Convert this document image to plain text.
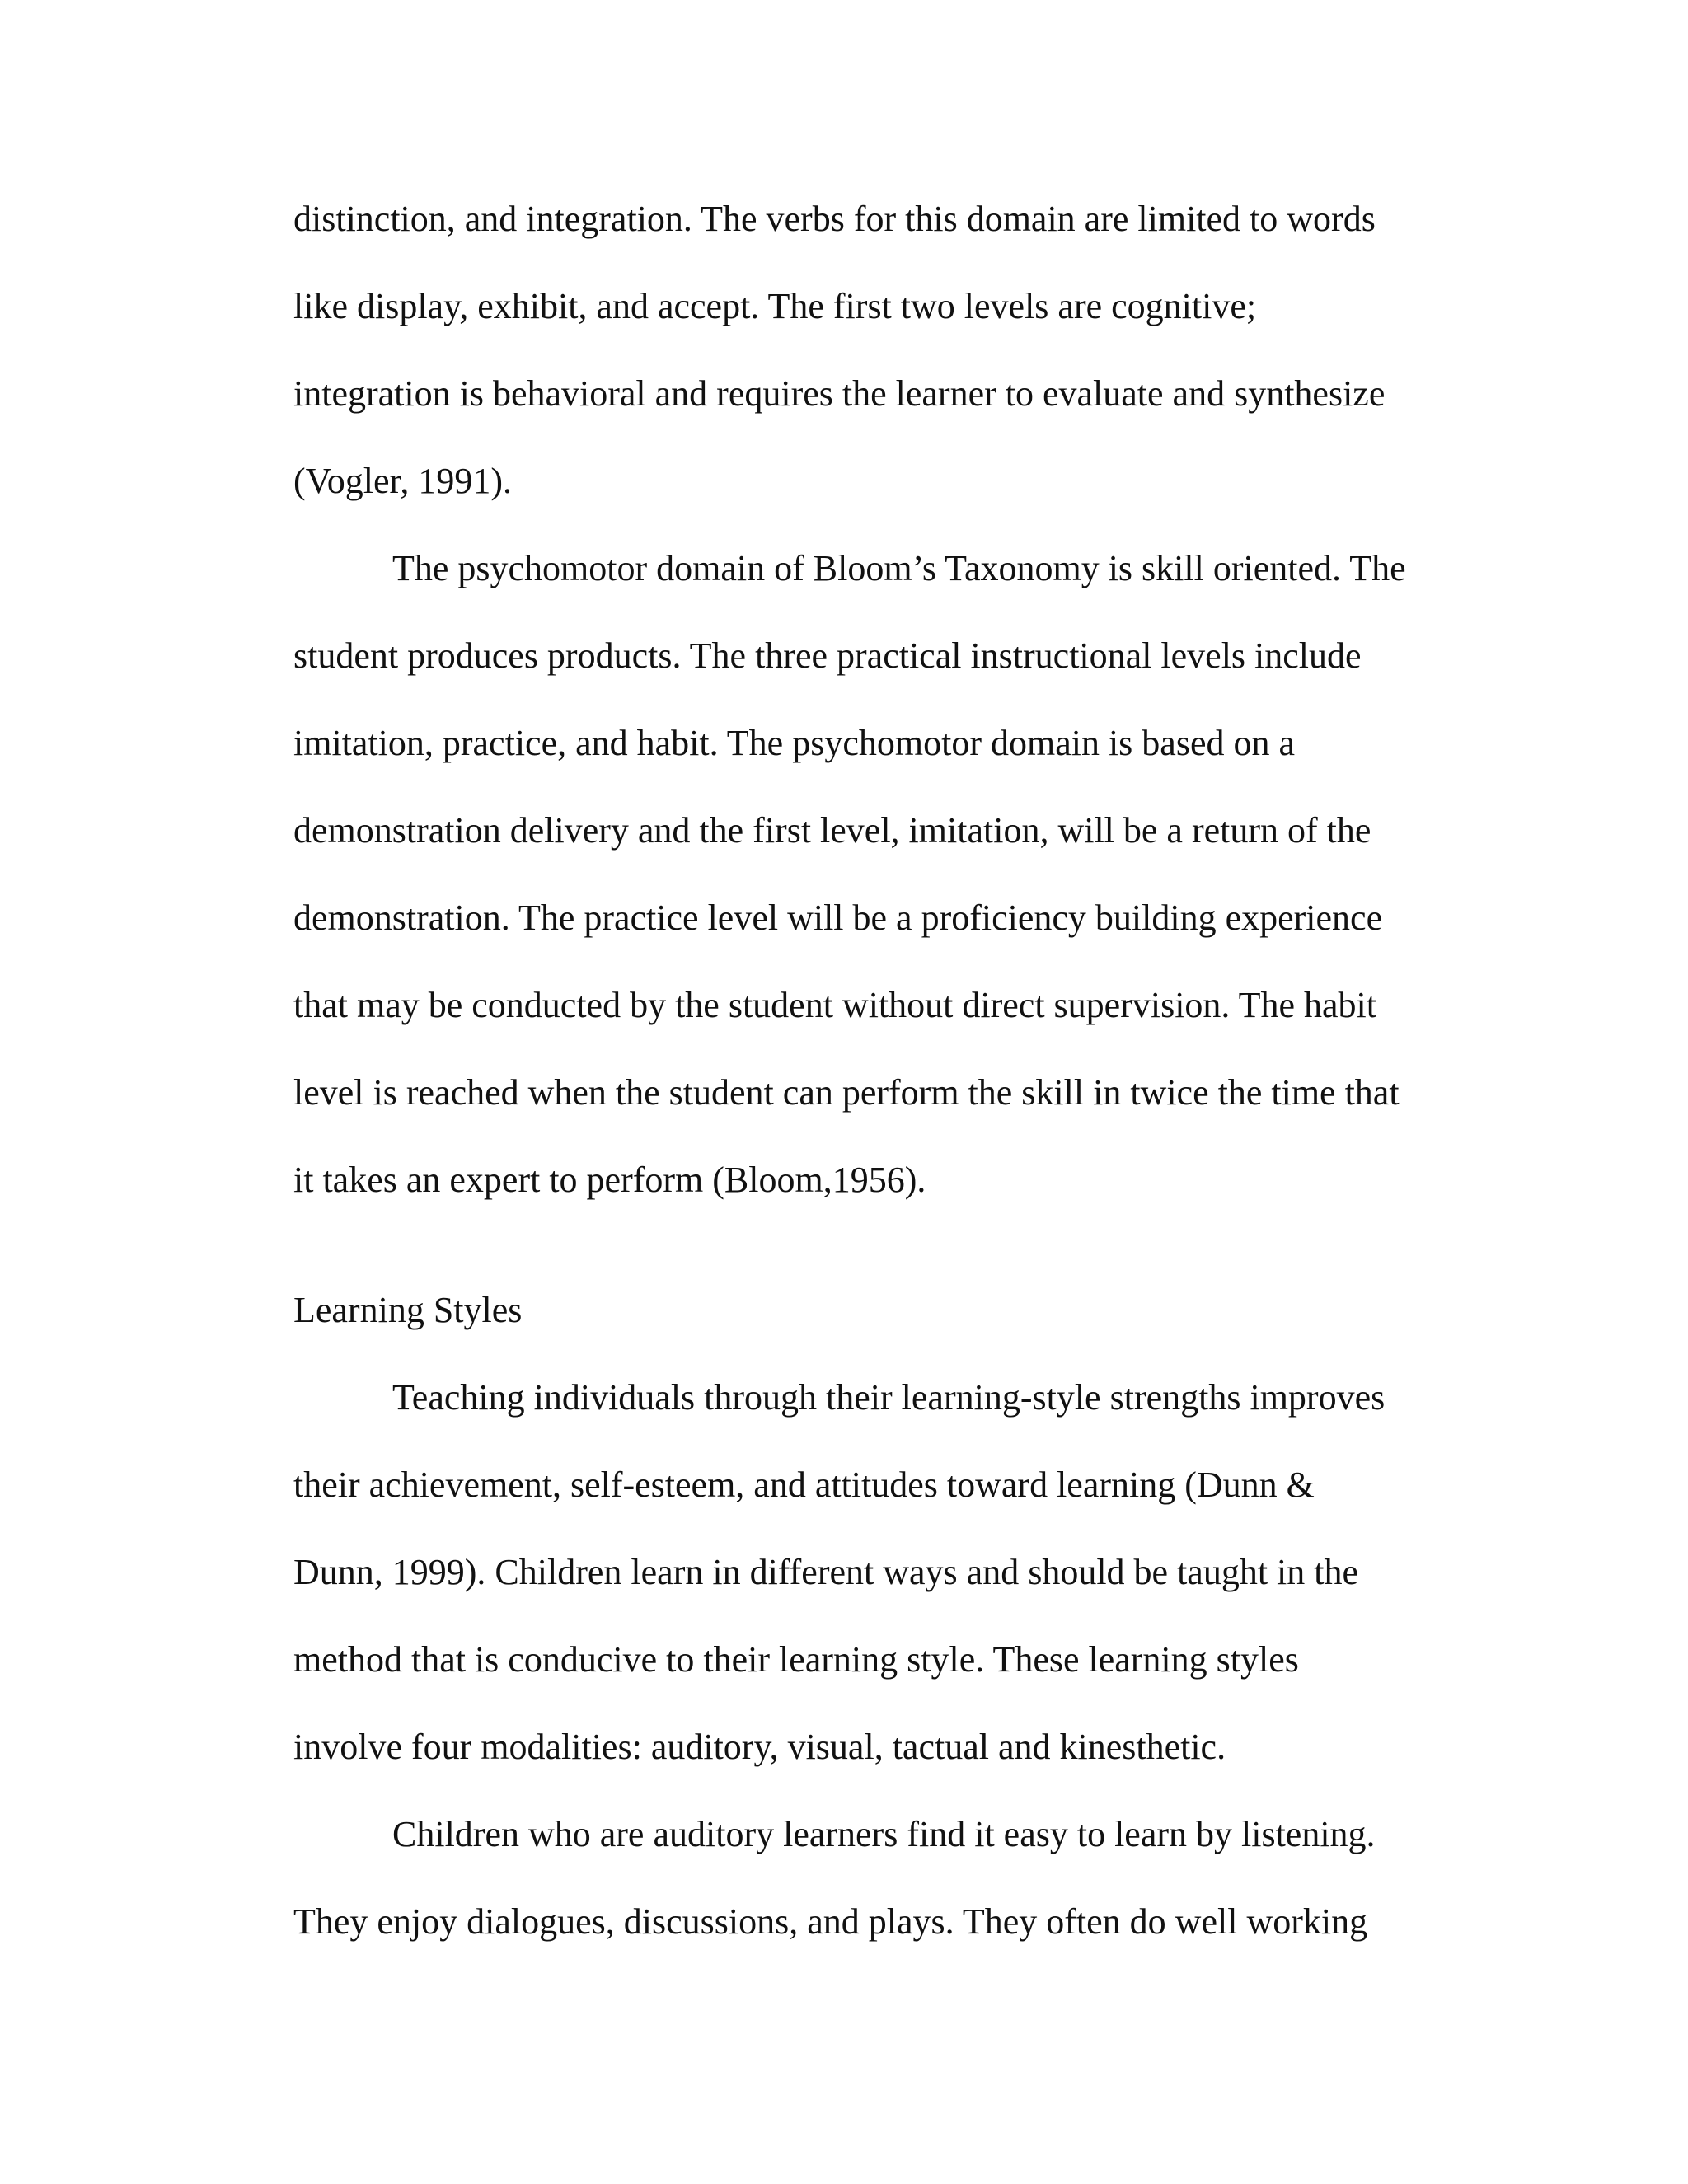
distinction, and integration. The verbs for this domain are limited to words

like display, exhibit, and accept. The first two levels are cognitive;

integration is behavioral and requires the learner to evaluate and synthesize

(Vogler, 1991).

The psychomotor domain of Bloom’s Taxonomy is skill oriented. The

student produces products. The three practical instructional levels include

imitation, practice, and habit. The psychomotor domain is based on a

demonstration delivery and the first level, imitation, will be a return of the

demonstration. The practice level will be a proficiency building experience

that may be conducted by the student without direct supervision. The habit

level is reached when the student can perform the skill in twice the time that

it takes an expert to perform (Bloom,1956).

Learning Styles

Teaching individuals through their learning-style strengths improves

their achievement, self-esteem, and attitudes toward learning (Dunn &

Dunn, 1999). Children learn in different ways and should be taught in the

method that is conducive to their learning style. These learning styles

involve four modalities: auditory, visual, tactual and kinesthetic.

Children who are auditory learners find it easy to learn by listening.

They enjoy dialogues, discussions, and plays. They often do well working
